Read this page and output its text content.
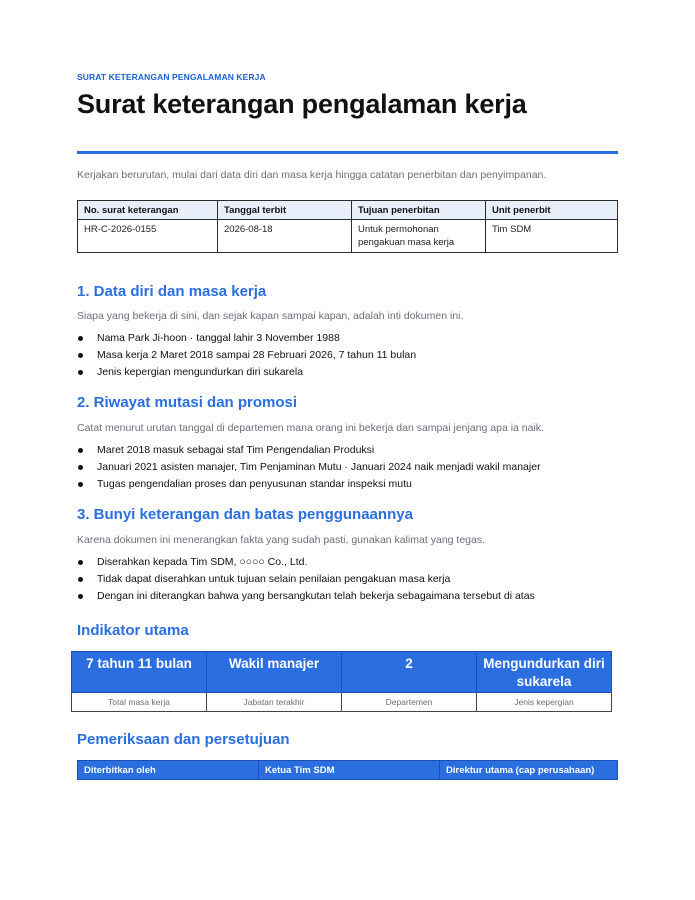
SURAT KETERANGAN PENGALAMAN KERJA
Surat keterangan pengalaman kerja

Kerjakan berurutan, mulai dari data diri dan masa kerja hingga catatan penerbitan dan penyimpanan.

No. surat keterangan	Tanggal terbit	Tujuan penerbitan	Unit penerbit
HR-C-2026-0155	2026-08-18	Untuk permohonan pengakuan masa kerja	Tim SDM
1. Data diri dan masa kerja

Siapa yang bekerja di sini, dan sejak kapan sampai kapan, adalah inti dokumen ini.

Nama Park Ji-hoon · tanggal lahir 3 November 1988
Masa kerja 2 Maret 2018 sampai 28 Februari 2026, 7 tahun 11 bulan
Jenis kepergian mengundurkan diri sukarela
2. Riwayat mutasi dan promosi

Catat menurut urutan tanggal di departemen mana orang ini bekerja dan sampai jenjang apa ia naik.

Maret 2018 masuk sebagai staf Tim Pengendalian Produksi
Januari 2021 asisten manajer, Tim Penjaminan Mutu · Januari 2024 naik menjadi wakil manajer
Tugas pengendalian proses dan penyusunan standar inspeksi mutu
3. Bunyi keterangan dan batas penggunaannya

Karena dokumen ini menerangkan fakta yang sudah pasti, gunakan kalimat yang tegas.

Diserahkan kepada Tim SDM, ○○○○ Co., Ltd.
Tidak dapat diserahkan untuk tujuan selain penilaian pengakuan masa kerja
Dengan ini diterangkan bahwa yang bersangkutan telah bekerja sebagaimana tersebut di atas
Indikator utama
7 tahun 11 bulan	Wakil manajer	2	Mengundurkan diri sukarela
Total masa kerja	Jabatan terakhir	Departemen	Jenis kepergian
Pemeriksaan dan persetujuan
Diterbitkan oleh	Ketua Tim SDM	Direktur utama (cap perusahaan)
